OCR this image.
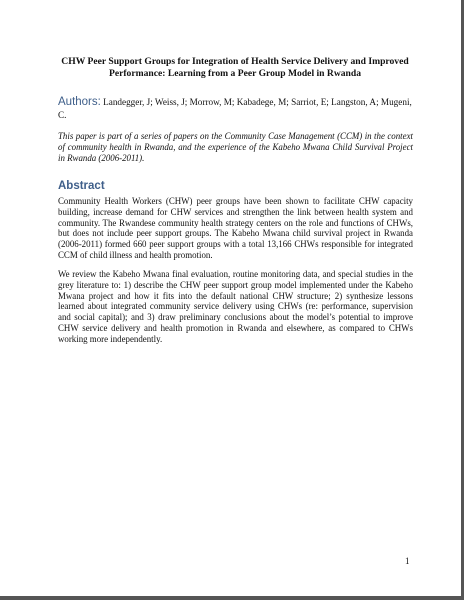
CHW Peer Support Groups for Integration of Health Service Delivery and Improved Performance: Learning from a Peer Group Model in Rwanda
Authors: Landegger, J; Weiss, J; Morrow, M; Kabadege, M; Sarriot, E; Langston, A; Mugeni, C.
This paper is part of a series of papers on the Community Case Management (CCM) in the context of community health in Rwanda, and the experience of the Kabeho Mwana Child Survival Project in Rwanda (2006-2011).
Abstract
Community Health Workers (CHW) peer groups have been shown to facilitate CHW capacity building, increase demand for CHW services and strengthen the link between health system and community. The Rwandese community health strategy centers on the role and functions of CHWs, but does not include peer support groups. The Kabeho Mwana child survival project in Rwanda (2006-2011) formed 660 peer support groups with a total 13,166 CHWs responsible for integrated CCM of child illness and health promotion.
We review the Kabeho Mwana final evaluation, routine monitoring data, and special studies in the grey literature to: 1) describe the CHW peer support group model implemented under the Kabeho Mwana project and how it fits into the default national CHW structure; 2) synthesize lessons learned about integrated community service delivery using CHWs (re: performance, supervision and social capital); and 3) draw preliminary conclusions about the model’s potential to improve CHW service delivery and health promotion in Rwanda and elsewhere, as compared to CHWs working more independently.
1
